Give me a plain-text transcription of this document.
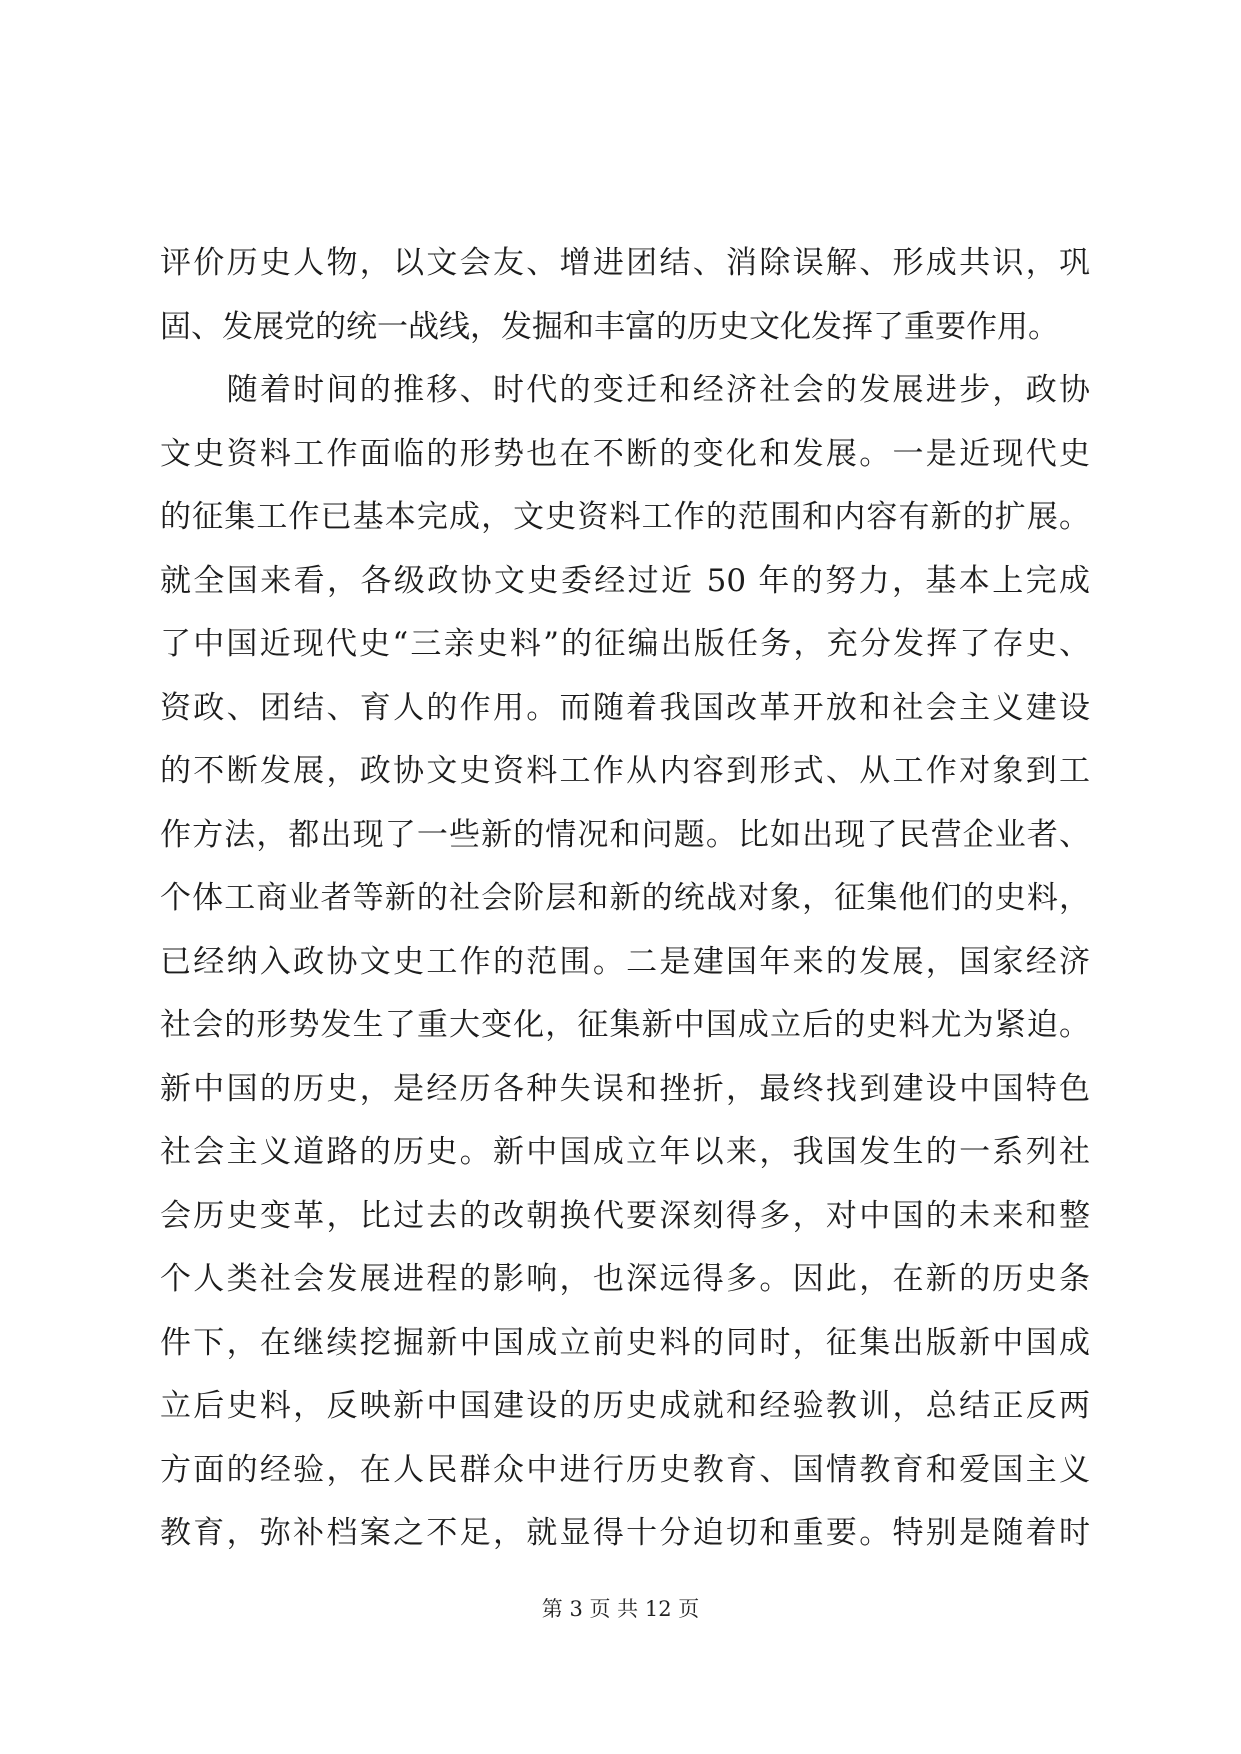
评价历史人物，以文会友、增进团结、消除误解、形成共识，巩
固、发展党的统一战线，发掘和丰富的历史文化发挥了重要作用。
　　随着时间的推移、时代的变迁和经济社会的发展进步，政协
文史资料工作面临的形势也在不断的变化和发展。一是近现代史
的征集工作已基本完成，文史资料工作的范围和内容有新的扩展。
就全国来看，各级政协文史委经过近 50 年的努力，基本上完成
了中国近现代史“三亲史料”的征编出版任务，充分发挥了存史、
资政、团结、育人的作用。而随着我国改革开放和社会主义建设
的不断发展，政协文史资料工作从内容到形式、从工作对象到工
作方法，都出现了一些新的情况和问题。比如出现了民营企业者、
个体工商业者等新的社会阶层和新的统战对象，征集他们的史料，
已经纳入政协文史工作的范围。二是建国年来的发展，国家经济
社会的形势发生了重大变化，征集新中国成立后的史料尤为紧迫。
新中国的历史，是经历各种失误和挫折，最终找到建设中国特色
社会主义道路的历史。新中国成立年以来，我国发生的一系列社
会历史变革，比过去的改朝换代要深刻得多，对中国的未来和整
个人类社会发展进程的影响，也深远得多。因此，在新的历史条
件下，在继续挖掘新中国成立前史料的同时，征集出版新中国成
立后史料，反映新中国建设的历史成就和经验教训，总结正反两
方面的经验，在人民群众中进行历史教育、国情教育和爱国主义
教育，弥补档案之不足，就显得十分迫切和重要。特别是随着时
第 3 页 共 12 页
